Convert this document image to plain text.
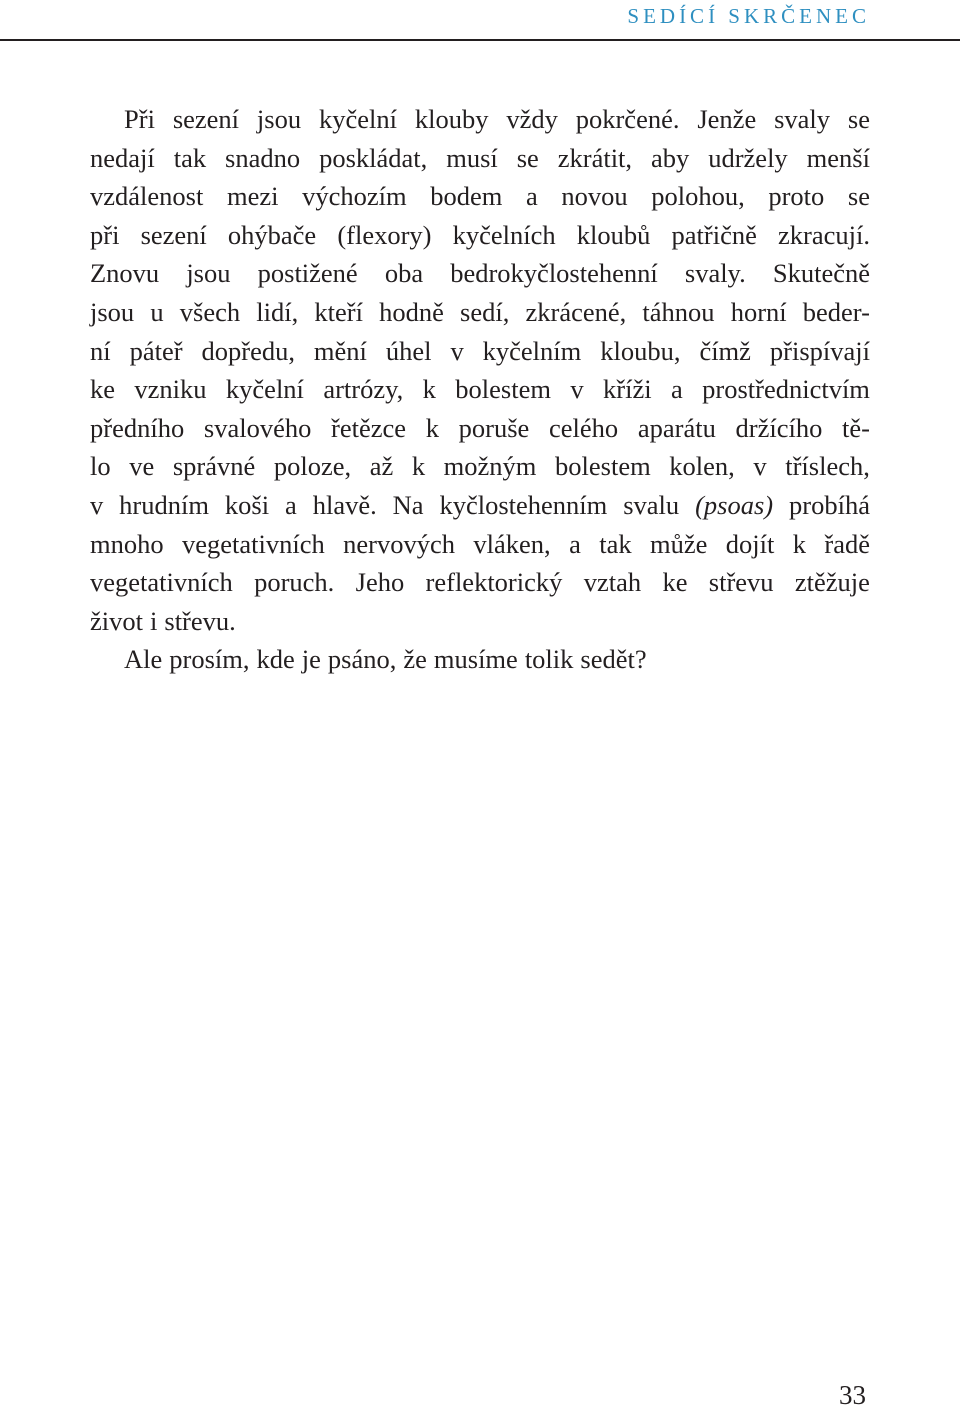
SEDÍCÍ SKRČENEC
Při sezení jsou kyčelní klouby vždy pokrčené. Jenže svaly se
nedají tak snadno poskládat, musí se zkrátit, aby udržely menší
vzdálenost mezi výchozím bodem a novou polohou, proto se
při sezení ohýbače (flexory) kyčelních kloubů patřičně zkracují.
Znovu jsou postižené oba bedrokyčlostehenní svaly. Skutečně
jsou u všech lidí, kteří hodně sedí, zkrácené, táhnou horní beder-
ní páteř dopředu, mění úhel v kyčelním kloubu, čímž přispívají
ke vzniku kyčelní artrózy, k bolestem v kříži a prostřednictvím
předního svalového řetězce k poruše celého aparátu držícího tě-
lo ve správné poloze, až k možným bolestem kolen, v tříslech,
v hrudním koši a hlavě. Na kyčlostehenním svalu (psoas) probíhá
mnoho vegetativních nervových vláken, a tak může dojít k řadě
vegetativních poruch. Jeho reflektorický vztah ke střevu ztěžuje
život i střevu.
Ale prosím, kde je psáno, že musíme tolik sedět?
33
